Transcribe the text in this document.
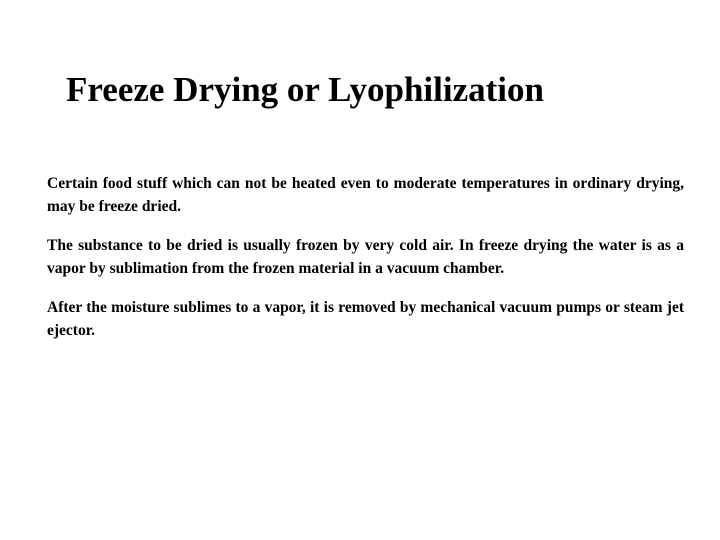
Freeze Drying or Lyophilization

Certain food stuff which can not be heated even to moderate temperatures in ordinary drying, may be freeze dried.

The substance to be dried is usually frozen by very cold air. In freeze drying the water is as a vapor by sublimation from the frozen material in a vacuum chamber.

After the moisture sublimes to a vapor, it is removed by mechanical vacuum pumps or steam jet ejector.
